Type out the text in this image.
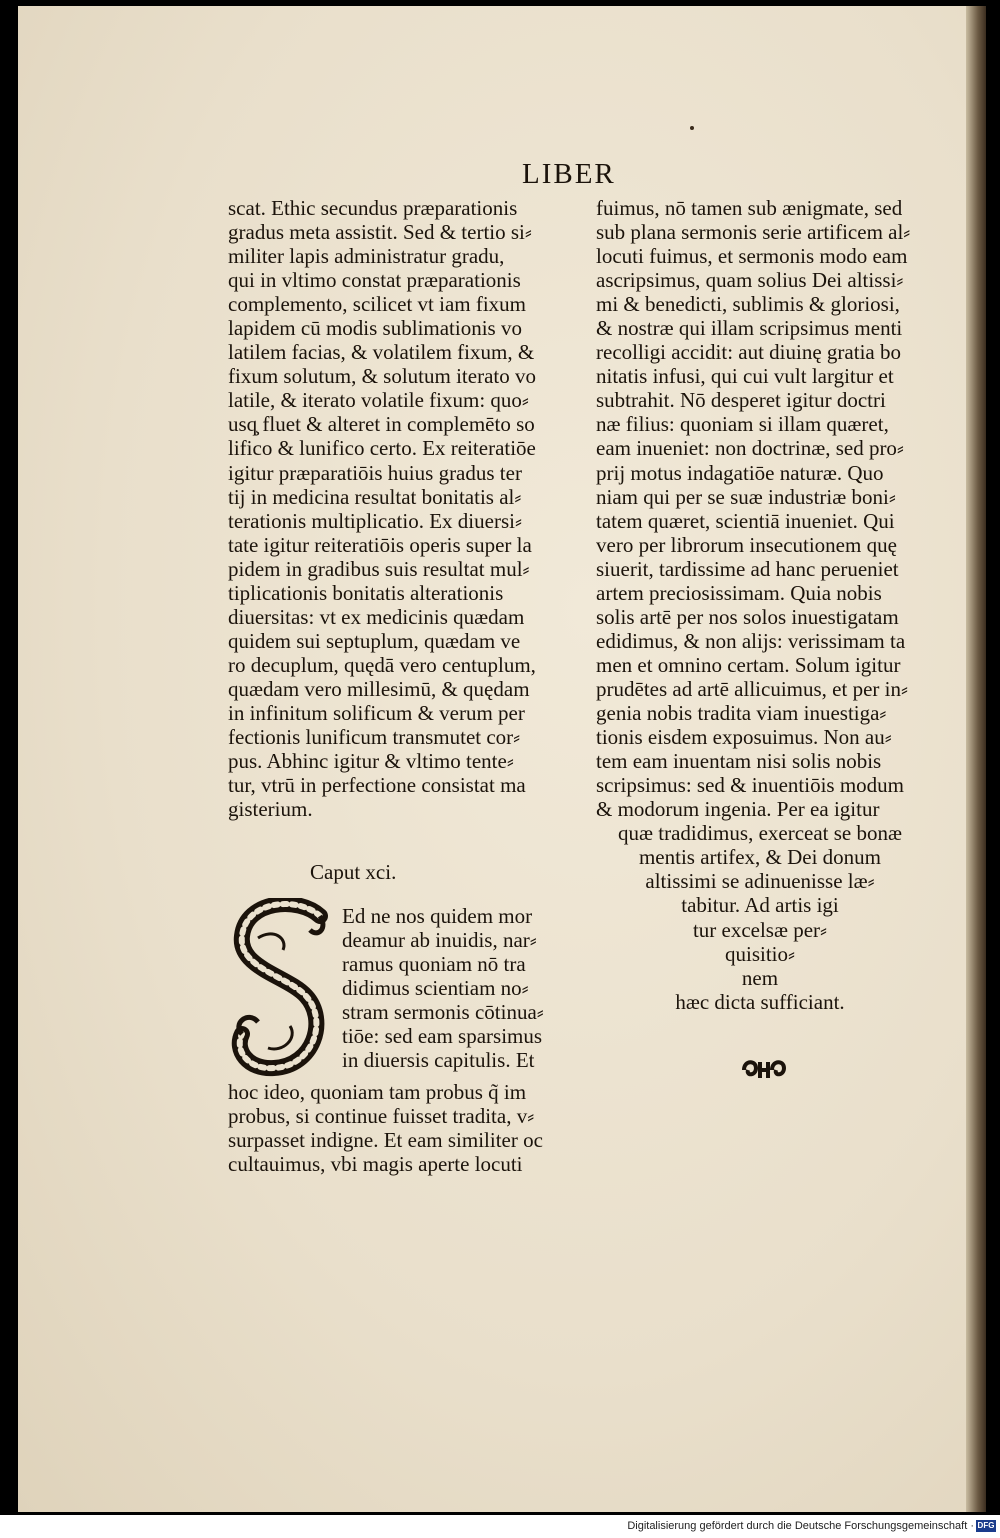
LIBER
scat. Ethic secundus præparationis
gradus meta assistit. Sed & tertio si⸗
militer lapis administratur gradu,
qui in vltimo constat præparationis
complemento, scilicet vt iam fixum
lapidem cū modis sublimationis vo
latilem facias, & volatilem fixum, &
fixum solutum, & solutum iterato vo
latile, & iterato volatile fixum: quo⸗
usq̧ fluet & alteret in complemēto so
lifico & lunifico certo. Ex reiteratiōe
igitur præparatiōis huius gradus ter
tij in medicina resultat bonitatis al⸗
terationis multiplicatio. Ex diuersi⸗
tate igitur reiteratiōis operis super la
pidem in gradibus suis resultat mul⸗
tiplicationis bonitatis alterationis
diuersitas: vt ex medicinis quædam
quidem sui septuplum, quædam ve
ro decuplum, quędā vero centuplum,
quædam vero millesimū, & quędam
in infinitum solificum & verum per
fectionis lunificum transmutet cor⸗
pus. Abhinc igitur & vltimo tente⸗
tur, vtrū in perfectione consistat ma
gisterium.
Caput xci.
Ed ne nos quidem mor
deamur ab inuidis, nar⸗
ramus quoniam nō tra
didimus scientiam no⸗
stram sermonis cōtinua⸗
tiōe: sed eam sparsimus
in diuersis capitulis. Et
hoc ideo, quoniam tam probus q̃ im
probus, si continue fuisset tradita, v⸗
surpasset indigne. Et eam similiter oc
cultauimus, vbi magis aperte locuti
fuimus, nō tamen sub ænigmate, sed
sub plana sermonis serie artificem al⸗
locuti fuimus, et sermonis modo eam
ascripsimus, quam solius Dei altissi⸗
mi & benedicti, sublimis & gloriosi,
& nostræ qui illam scripsimus menti
recolligi accidit: aut diuinę gratia bo
nitatis infusi, qui cui vult largitur et
subtrahit. Nō desperet igitur doctri
næ filius: quoniam si illam quæret,
eam inueniet: non doctrinæ, sed pro⸗
prij motus indagatiōe naturæ. Quo
niam qui per se suæ industriæ boni⸗
tatem quæret, scientiā inueniet. Qui
vero per librorum insecutionem quę
siuerit, tardissime ad hanc perueniet
artem preciosissimam. Quia nobis
solis artē per nos solos inuestigatam
edidimus, & non alijs: verissimam ta
men et omnino certam. Solum igitur
prudētes ad artē allicuimus, et per in⸗
genia nobis tradita viam inuestiga⸗
tionis eisdem exposuimus. Non au⸗
tem eam inuentam nisi solis nobis
scripsimus: sed & inuentiōis modum
& modorum ingenia. Per ea igitur
quæ tradidimus, exerceat se bonæ
mentis artifex, & Dei donum
altissimi se adinuenisse læ⸗
tabitur. Ad artis igi
tur excelsæ per⸗
quisitio⸗
nem
hæc dicta sufficiant.
Digitalisierung gefördert durch die Deutsche Forschungsgemeinschaft · DFG
